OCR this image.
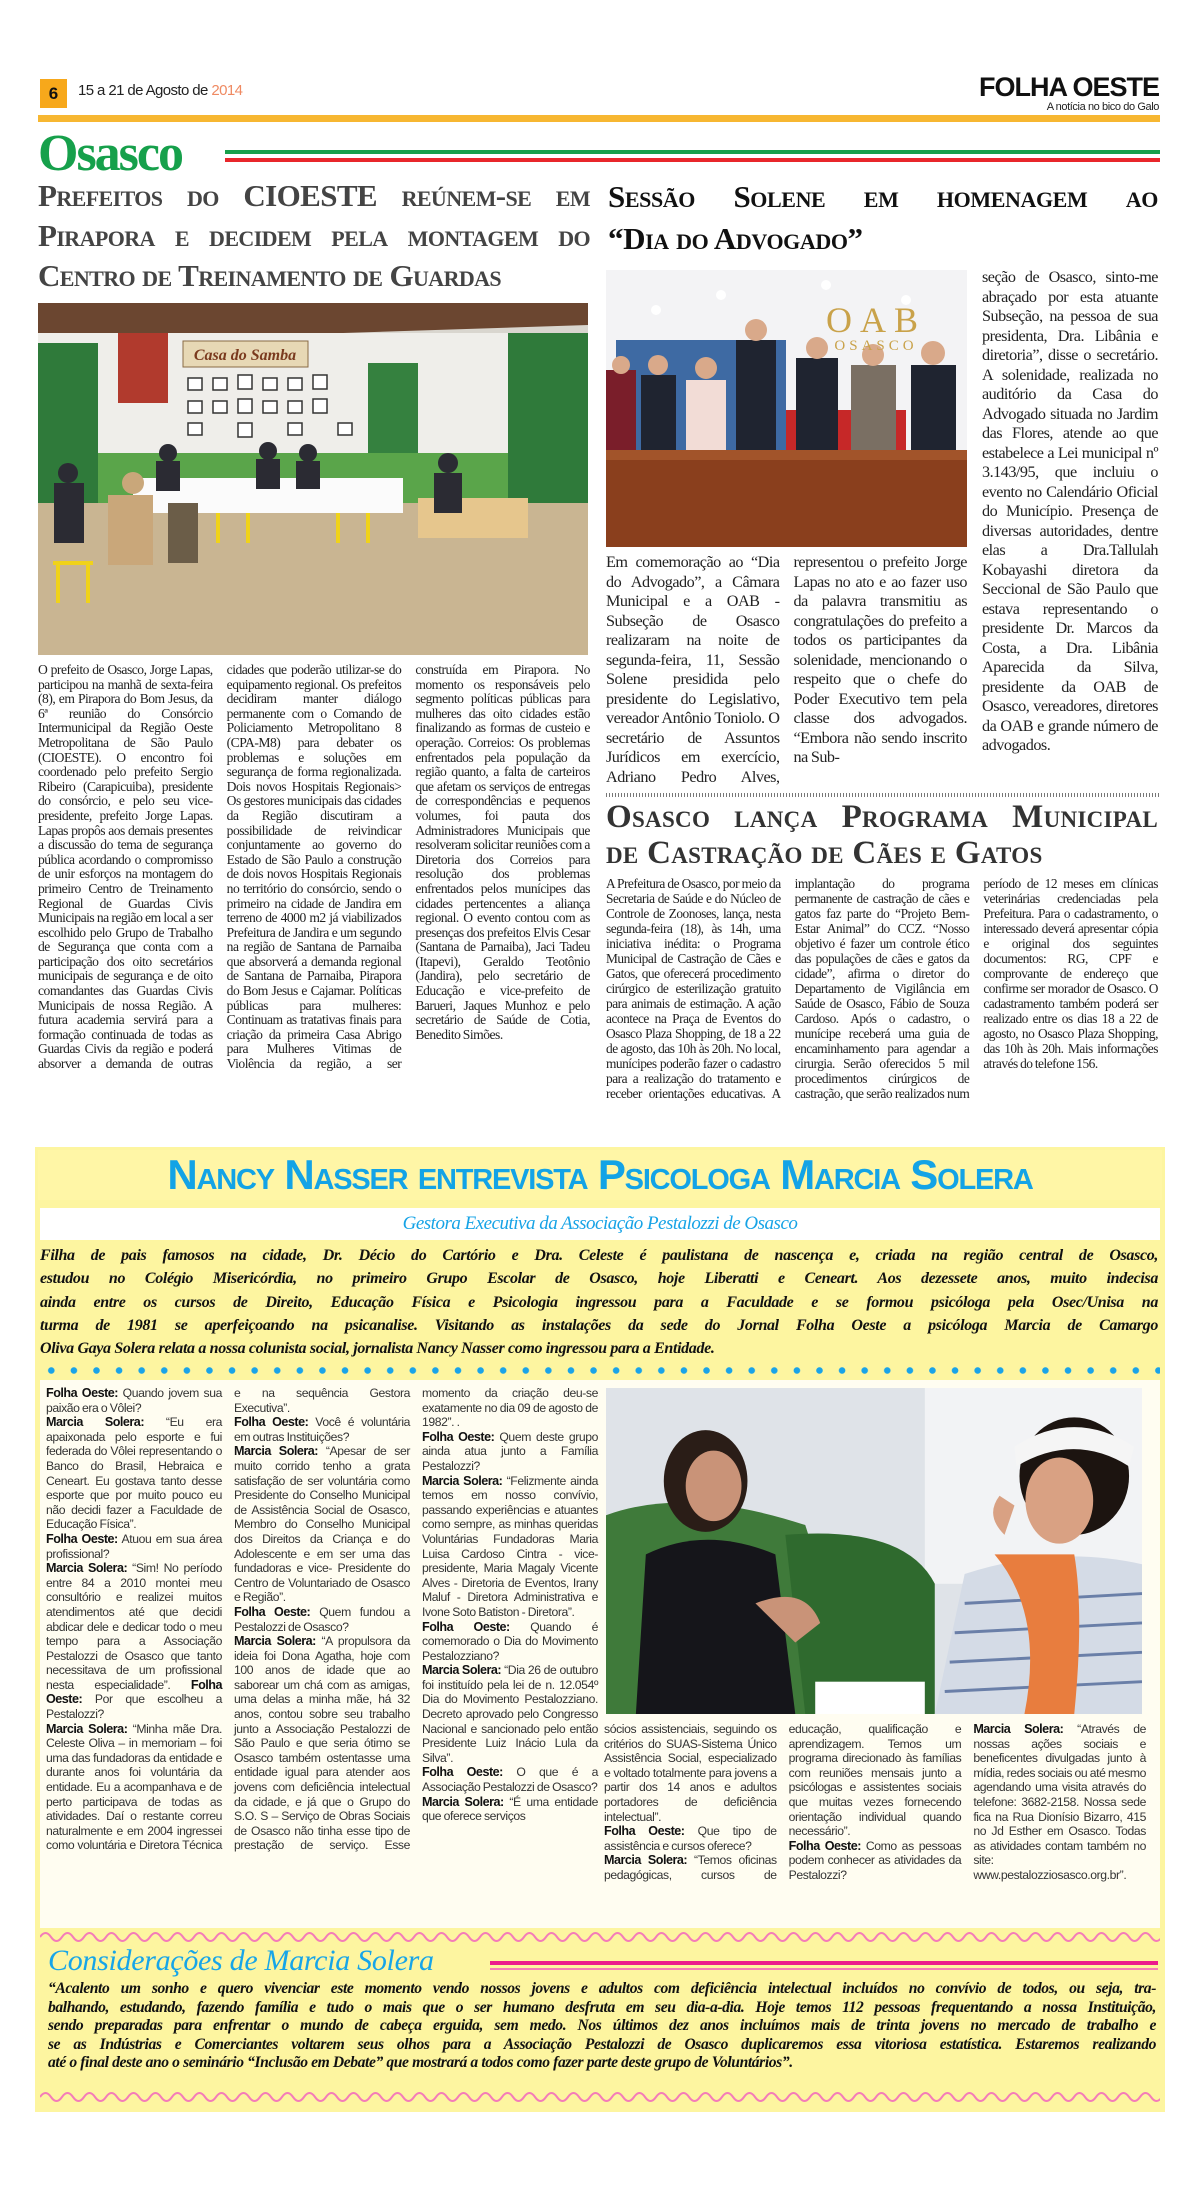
6	15 a 21 de Agosto de 2014	FOLHA OESTE
A notícia no bico do Galo
Osasco
Prefeitos do CIOESTE reúnem-se em
Pirapora e decidem pela montagem do
Centro de Treinamento de Guardas
Casa do Samba
O prefeito de Osasco, Jorge Lapas, participou na manhã de sexta-feira (8), em Pirapora do Bom Jesus, da 6ª reunião do Consórcio Intermunicipal da Região Oeste Metropolitana de São Paulo (CIOESTE). O encontro foi coordenado pelo prefeito Sergio Ribeiro (Carapicuiba), presidente do consórcio, e pelo seu vice-presidente, prefeito Jorge Lapas. Lapas propôs aos demais presentes a discussão do tema de segurança pública acordando o compromisso de unir esforços na montagem do primeiro Centro de Treinamento Regional de Guardas Civis Municipais na região em local a ser escolhido pelo Grupo de Trabalho de Segurança que conta com a participação dos oito secretários municipais de segurança e de oito comandantes das Guardas Civis Municipais de nossa Região. A futura academia servirá para a formação continuada de todas as Guardas Civis da região e poderá absorver a demanda de outras cidades que poderão utilizar-se do equipamento regional. Os prefeitos decidiram manter diálogo permanente com o Comando de Policiamento Metropolitano 8 (CPA-M8) para debater os problemas e soluções em segurança de forma regionalizada. Dois novos Hospitais Regionais> Os gestores municipais das cidades da Região discutiram a possibilidade de reivindicar conjuntamente ao governo do Estado de São Paulo a construção de dois novos Hospitais Regionais no território do consórcio, sendo o primeiro na cidade de Jandira em terreno de 4000 m2 já viabilizados Prefeitura de Jandira e um segundo na região de Santana de Parnaiba que absorverá a demanda regional de Santana de Parnaiba, Pirapora do Bom Jesus e Cajamar. Políticas públicas para mulheres: Continuam as tratativas finais para criação da primeira Casa Abrigo para Mulheres Vitimas de Violência da região, a ser construída em Pirapora. No momento os responsáveis pelo segmento políticas públicas para mulheres das oito cidades estão finalizando as formas de custeio e operação. Correios: Os problemas enfrentados pela população da região quanto, a falta de carteiros que afetam os serviços de entregas de correspondências e pequenos volumes, foi pauta dos Administradores Municipais que resolveram solicitar reuniões com a Diretoria dos Correios para resolução dos problemas enfrentados pelos munícipes das cidades pertencentes a aliança regional. O evento contou com as presenças dos prefeitos Elvis Cesar (Santana de Parnaiba), Jaci Tadeu (Itapevi), Geraldo Teotônio (Jandira), pelo secretário de Educação e vice-prefeito de Barueri, Jaques Munhoz e pelo secretário de Saúde de Cotia, Benedito Simões.
Sessão Solene em homenagem ao
“Dia do Advogado”
OAB
OSASCO
Em comemoração ao “Dia do Advogado”, a Câmara Municipal e a OAB - Subseção de Osasco realizaram na noite de segunda-feira, 11, Sessão Solene presidida pelo presidente do Legislativo, vereador Antônio Toniolo. O secretário de Assuntos Jurídicos em exercício, Adriano Pedro Alves, representou o prefeito Jorge Lapas no ato e ao fazer uso da palavra transmitiu as congratulações do prefeito a todos os participantes da solenidade, mencionando o respeito que o chefe do Poder Executivo tem pela classe dos advogados. “Embora não sendo inscrito na Sub-
seção de Osasco, sinto-me abraçado por esta atuante Subseção, na pessoa de sua presidenta, Dra. Libânia e diretoria”, disse o secretário. A solenidade, realizada no auditório da Casa do Advogado situada no Jardim das Flores, atende ao que estabelece a Lei municipal nº 3.143/95, que incluiu o evento no Calendário Oficial do Município. Presença de diversas autoridades, dentre elas a Dra.Tallulah Kobayashi diretora da Seccional de São Paulo que estava representando o presidente Dr. Marcos da Costa, a Dra. Libânia Aparecida da Silva, presidente da OAB de Osasco, vereadores, diretores da OAB e grande número de advogados.
Osasco lança Programa Municipal
de Castração de Cães e Gatos
A Prefeitura de Osasco, por meio da Secretaria de Saúde e do Núcleo de Controle de Zoonoses, lança, nesta segunda-feira (18), às 14h, uma iniciativa inédita: o Programa Municipal de Castração de Cães e Gatos, que oferecerá procedimento cirúrgico de esterilização gratuito para animais de estimação. A ação acontece na Praça de Eventos do Osasco Plaza Shopping, de 18 a 22 de agosto, das 10h às 20h. No local, munícipes poderão fazer o cadastro para a realização do tratamento e receber orientações educativas. A implantação do programa permanente de castração de cães e gatos faz parte do “Projeto Bem-Estar Animal” do CCZ. “Nosso objetivo é fazer um controle ético das populações de cães e gatos da cidade”, afirma o diretor do Departamento de Vigilância em Saúde de Osasco, Fábio de Souza Cardoso. Após o cadastro, o munícipe receberá uma guia de encaminhamento para agendar a cirurgia. Serão oferecidos 5 mil procedimentos cirúrgicos de castração, que serão realizados num período de 12 meses em clínicas veterinárias credenciadas pela Prefeitura. Para o cadastramento, o interessado deverá apresentar cópia e original dos seguintes documentos: RG, CPF e comprovante de endereço que confirme ser morador de Osasco. O cadastramento também poderá ser realizado entre os dias 18 a 22 de agosto, no Osasco Plaza Shopping, das 10h às 20h. Mais informações através do telefone 156.
Nancy Nasser entrevista Psicologa Marcia Solera
Gestora Executiva da Associação Pestalozzi de Osasco
Filha de pais famosos na cidade, Dr. Décio do Cartório e Dra. Celeste é paulistana de nascença e, criada na região central de Osasco,
estudou no Colégio Misericórdia, no primeiro Grupo Escolar de Osasco, hoje Liberatti e Ceneart. Aos dezessete anos, muito indecisa
ainda entre os cursos de Direito, Educação Física e Psicologia ingressou para a Faculdade e se formou psicóloga pela Osec/Unisa na
turma de 1981 se aperfeiçoando na psicanalise. Visitando as instalações da sede do Jornal Folha Oeste a psicóloga Marcia de Camargo
Oliva Gaya Solera relata a nossa colunista social, jornalista Nancy Nasser como ingressou para a Entidade.

Folha Oeste: Quando jovem sua paixão era o Vôlei?

Marcia Solera: “Eu era apaixonada pelo esporte e fui federada do Vôlei representando o Banco do Brasil, Hebraica e Ceneart. Eu gostava tanto desse esporte que por muito pouco eu não decidi fazer a Faculdade de Educação Física”.

Folha Oeste: Atuou em sua área profissional?

Marcia Solera: “Sim! No período entre 84 a 2010 montei meu consultório e realizei muitos atendimentos até que decidi abdicar dele e dedicar todo o meu tempo para a Associação Pestalozzi de Osasco que tanto necessitava de um profissional nesta especialidade”. Folha Oeste: Por que escolheu a Pestalozzi?

Marcia Solera: “Minha mãe Dra. Celeste Oliva – in memoriam – foi uma das fundadoras da entidade e durante anos foi voluntária da entidade. Eu a acompanhava e de perto participava de todas as atividades. Daí o restante correu naturalmente e em 2004 ingressei como voluntária e Diretora Técnica e na sequência Gestora Executiva”.

Folha Oeste: Você é voluntária em outras Instituições?

Marcia Solera: “Apesar de ser muito corrido tenho a grata satisfação de ser voluntária como Presidente do Conselho Municipal de Assistência Social de Osasco, Membro do Conselho Municipal dos Direitos da Criança e do Adolescente e em ser uma das fundadoras e vice- Presidente do Centro de Voluntariado de Osasco e Região”.

Folha Oeste: Quem fundou a Pestalozzi de Osasco?

Marcia Solera: “A propulsora da ideia foi Dona Agatha, hoje com 100 anos de idade que ao saborear um chá com as amigas, uma delas a minha mãe, há 32 anos, contou sobre seu trabalho junto a Associação Pestalozzi de São Paulo e que seria ótimo se Osasco também ostentasse uma entidade igual para atender aos jovens com deficiência intelectual da cidade, e já que o Grupo do S.O. S – Serviço de Obras Sociais de Osasco não tinha esse tipo de prestação de serviço. Esse momento da criação deu-se exatamente no dia 09 de agosto de 1982”. .

Folha Oeste: Quem deste grupo ainda atua junto a Família Pestalozzi?

Marcia Solera: “Felizmente ainda temos em nosso convívio, passando experiências e atuantes como sempre, as minhas queridas Voluntárias Fundadoras Maria Luisa Cardoso Cintra - vice-presidente, Maria Magaly Vicente Alves - Diretoria de Eventos, Irany Maluf - Diretora Administrativa e Ivone Soto Batiston - Diretora”.

Folha Oeste: Quando é comemorado o Dia do Movimento Pestalozziano?

Marcia Solera: “Dia 26 de outubro foi instituído pela lei de n. 12.054º Dia do Movimento Pestalozziano. Decreto aprovado pelo Congresso Nacional e sancionado pelo então Presidente Luiz Inácio Lula da Silva”.

Folha Oeste: O que é a Associação Pestalozzi de Osasco?

Marcia Solera: “É uma entidade que oferece serviços

sócios assistenciais, seguindo os critérios do SUAS-Sistema Único Assistência Social, especializado e voltado totalmente para jovens a partir dos 14 anos e adultos portadores de deficiência intelectual”.

Folha Oeste: Que tipo de assistência e cursos oferece?

Marcia Solera: “Temos oficinas pedagógicas, cursos de educação, qualificação e aprendizagem. Temos um programa direcionado às famílias com reuniões mensais junto a psicólogas e assistentes sociais que muitas vezes fornecendo orientação individual quando necessário”.

Folha Oeste: Como as pessoas podem conhecer as atividades da Pestalozzi?

Marcia Solera: “Através de nossas ações sociais e beneficentes divulgadas junto à mídia, redes sociais ou até mesmo agendando uma visita através do telefone: 3682-2158. Nossa sede fica na Rua Dionísio Bizarro, 415 no Jd Esther em Osasco. Todas as atividades contam também no site: www.pestalozziosasco.org.br”.

Considerações de Marcia Solera
“Acalento um sonho e quero vivenciar este momento vendo nossos jovens e adultos com deficiência intelectual incluídos no convívio de todos, ou seja, tra-
balhando, estudando, fazendo família e tudo o mais que o ser humano desfruta em seu dia-a-dia. Hoje temos 112 pessoas frequentando a nossa Instituição,
sendo preparadas para enfrentar o mundo de cabeça erguida, sem medo. Nos últimos dez anos incluímos mais de trinta jovens no mercado de trabalho e
se as Indústrias e Comerciantes voltarem seus olhos para a Associação Pestalozzi de Osasco duplicaremos essa vitoriosa estatística. Estaremos realizando
até o final deste ano o seminário “Inclusão em Debate” que mostrará a todos como fazer parte deste grupo de Voluntários”.
